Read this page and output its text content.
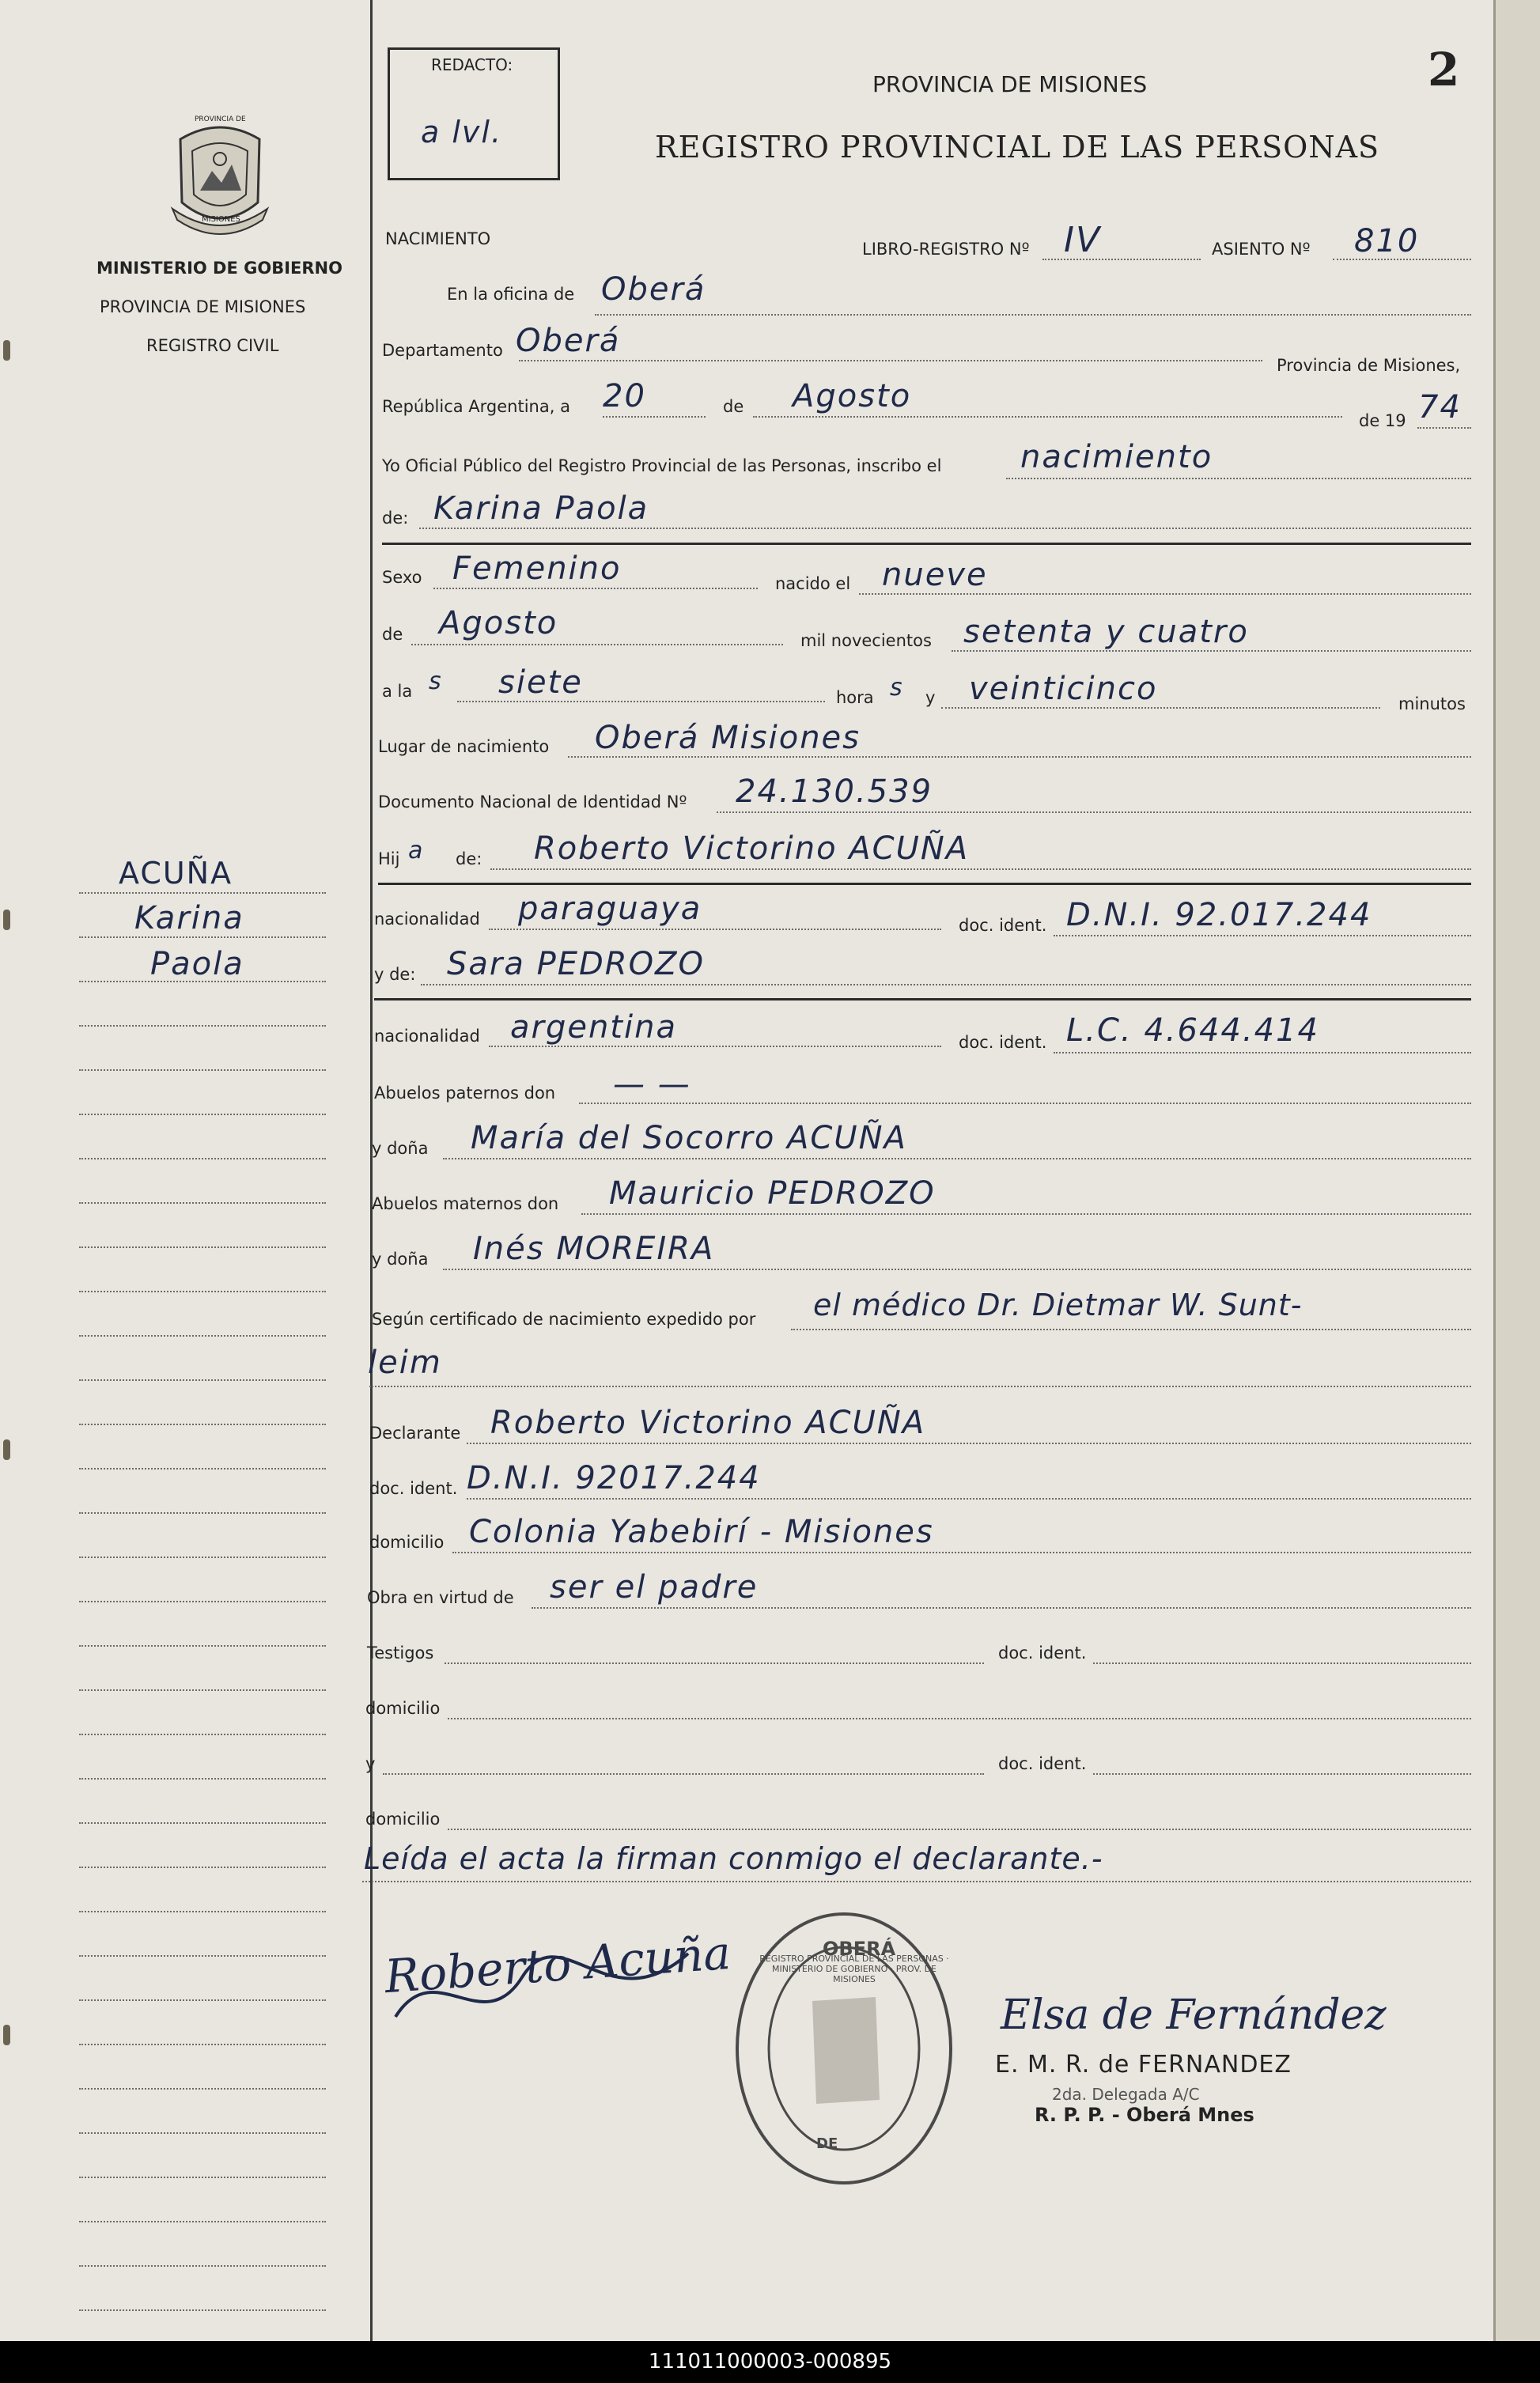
PROVINCIA DE
MISIONES
MINISTERIO DE GOBIERNO
PROVINCIA DE MISIONES
REGISTRO CIVIL
ACUÑA
Karina
Paola
REDACTO:
a lvl.
PROVINCIA DE MISIONES
REGISTRO PROVINCIAL DE LAS PERSONAS
2
NACIMIENTO
LIBRO-REGISTRO Nº IV	ASIENTO Nº 810
En la oficina de Oberá
Departamento Oberá
Provincia de Misiones,
República Argentina, a 20	de Agosto
de 19 74
Yo Oficial Público del Registro Provincial de las Personas, inscribo el nacimiento
de: Karina Paola
Sexo Femenino	nacido el nueve
de Agosto	mil novecientos setenta y cuatro
a la s siete	hora s y veinticinco	minutos
Lugar de nacimiento Oberá Misiones
Documento Nacional de Identidad Nº 24.130.539
Hij a de: Roberto Victorino ACUÑA
nacionalidad paraguaya	doc. ident. D.N.I. 92.017.244
y de: Sara PEDROZO
nacionalidad argentina	doc. ident. L.C. 4.644.414
Abuelos paternos don — —
y doña María del Socorro ACUÑA
Abuelos maternos don Mauricio PEDROZO
y doña Inés MOREIRA
Según certificado de nacimiento expedido por el médico Dr. Dietmar W. Sunt-
leim
Declarante Roberto Victorino ACUÑA
doc. ident. D.N.I. 92017.244
domicilio Colonia Yabebirí - Misiones
Obra en virtud de ser el padre
Testigos	doc. ident.
domicilio
y	doc. ident.
domicilio
Leída el acta la firman conmigo el declarante.-
Roberto Acuña
Elsa de Fernández
E. M. R. de FERNANDEZ
2da. Delegada A/C
R. P. P. - Oberá Mnes
REGISTRO PROVINCIAL DE LAS PERSONAS · MINISTERIO DE GOBIERNO · PROV. DE MISIONES
OBERÁ
DE
111011000003-000895
